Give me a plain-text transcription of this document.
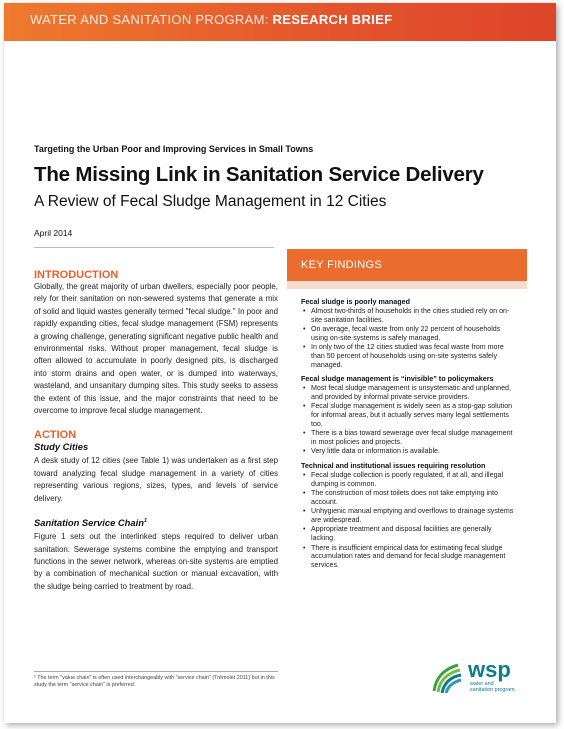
WATER AND SANITATION PROGRAM: RESEARCH BRIEF
Targeting the Urban Poor and Improving Services in Small Towns
The Missing Link in Sanitation Service Delivery
A Review of Fecal Sludge Management in 12 Cities
April 2014

INTRODUCTION

Globally, the great majority of urban dwellers, especially poor people, rely for their sanitation on non-sewered systems that generate a mix of solid and liquid wastes generally termed "fecal sludge." In poor and rapidly expanding cities, fecal sludge management (FSM) represents a growing challenge, generating significant negative public health and environmental risks. Without proper management, fecal sludge is often allowed to accumulate in poorly designed pits, is discharged into storm drains and open water, or is dumped into waterways, wasteland, and unsanitary dumping sites. This study seeks to assess the extent of this issue, and the major constraints that need to be overcome to improve fecal sludge management.

ACTION

Study Cities

A desk study of 12 cities (see Table 1) was undertaken as a first step toward analyzing fecal sludge management in a variety of cities representing various regions, sizes, types, and levels of service delivery.

Sanitation Service Chain$^1$

Figure 1 sets out the interlinked steps required to deliver urban sanitation. Sewerage systems combine the emptying and transport functions in the sewer network, whereas on-site systems are emptied by a combination of mechanical suction or manual excavation, with the sludge being carried to treatment by road.

¹ The term "value chain" is often used interchangeably with "service chain" (Trémolet 2011) but in this study the term "service chain" is preferred.
KEY FINDINGS

Fecal sludge is poorly managed

• Almost two-thirds of households in the cities studied rely on on-site sanitation facilities.
• On average, fecal waste from only 22 percent of households using on-site systems is safely managed.
• In only two of the 12 cities studied was fecal waste from more than 50 percent of households using on-site systems safely managed.

Fecal sludge management is “invisible” to policymakers

• Most fecal sludge management is unsystematic and unplanned, and provided by informal private service providers.
• Fecal sludge management is widely seen as a stop-gap solution for informal areas, but it actually serves many legal settlements too.
• There is a bias toward sewerage over fecal sludge management in most policies and projects.
• Very little data or information is available.

Technical and institutional issues requiring resolution

• Fecal sludge collection is poorly regulated, if at all, and illegal dumping is common.
• The construction of most toilets does not take emptying into account.
• Unhygienic manual emptying and overflows to drainage systems are widespread.
• Appropriate treatment and disposal facilities are generally lacking.
• There is insufficient empirical data for estimating fecal sludge accumulation rates and demand for fecal sludge management services.
wsp
water and
sanitation program
